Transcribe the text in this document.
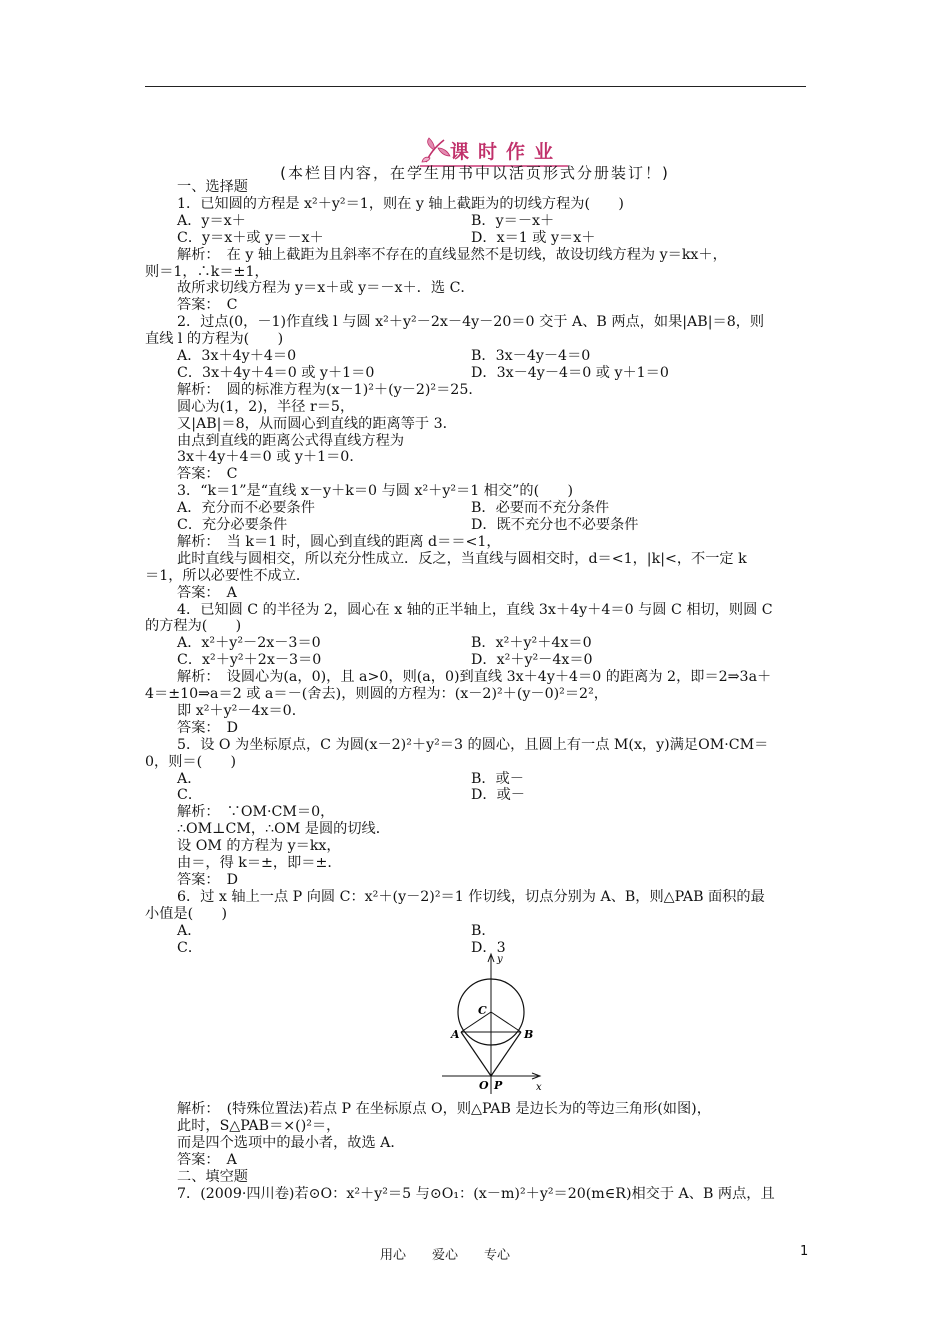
课时作业
(本栏目内容，在学生用书中以活页形式分册装订！)
一、选择题
1．已知圆的方程是 x²＋y²＝1，则在 y 轴上截距为的切线方程为(　　)
A．y＝x＋	B．y＝－x＋
C．y＝x＋或 y＝－x＋	D．x＝1 或 y＝x＋
解析：　在 y 轴上截距为且斜率不存在的直线显然不是切线，故设切线方程为 y＝kx＋，
则＝1，∴k＝±1，
故所求切线方程为 y＝x＋或 y＝－x＋．选 C．
答案：　C
2．过点(0，－1)作直线 l 与圆 x²＋y²－2x－4y－20＝0 交于 A、B 两点，如果|AB|＝8，则
直线 l 的方程为(　　)
A．3x＋4y＋4＝0	B．3x－4y－4＝0
C．3x＋4y＋4＝0 或 y＋1＝0	D．3x－4y－4＝0 或 y＋1＝0
解析：　圆的标准方程为(x－1)²＋(y－2)²＝25．
圆心为(1，2)，半径 r＝5，
又|AB|＝8，从而圆心到直线的距离等于 3．
由点到直线的距离公式得直线方程为
3x＋4y＋4＝0 或 y＋1＝0．
答案：　C
3．“k＝1”是“直线 x－y＋k＝0 与圆 x²＋y²＝1 相交”的(　　)
A．充分而不必要条件	B．必要而不充分条件
C．充分必要条件	D．既不充分也不必要条件
解析：　当 k＝1 时，圆心到直线的距离 d＝＝<1，
此时直线与圆相交，所以充分性成立．反之，当直线与圆相交时，d＝<1，|k|<，不一定 k
＝1，所以必要性不成立．
答案：　A
4．已知圆 C 的半径为 2，圆心在 x 轴的正半轴上，直线 3x＋4y＋4＝0 与圆 C 相切，则圆 C
的方程为(　　)
A．x²＋y²－2x－3＝0	B．x²＋y²＋4x＝0
C．x²＋y²＋2x－3＝0	D．x²＋y²－4x＝0
解析：　设圆心为(a，0)，且 a>0，则(a，0)到直线 3x＋4y＋4＝0 的距离为 2，即＝2⇒3a＋
4＝±10⇒a＝2 或 a＝－(舍去)，则圆的方程为：(x－2)²＋(y－0)²＝2²，
即 x²＋y²－4x＝0．
答案：　D
5．设 O 为坐标原点，C 为圆(x－2)²＋y²＝3 的圆心，且圆上有一点 M(x，y)满足OM·CM＝
0，则＝(　　)
A．	B．或－
C．	D．或－
解析：　∵OM·CM＝0，
∴OM⊥CM，∴OM 是圆的切线．
设 OM 的方程为 y＝kx，
由＝，得 k＝±，即＝±．
答案：　D
6．过 x 轴上一点 P 向圆 C：x²＋(y－2)²＝1 作切线，切点分别为 A、B，则△PAB 面积的最
小值是(　　)
A．	B．
C．	D．3
y
C
A	B
O P	x
解析：　(特殊位置法)若点 P 在坐标原点 O，则△PAB 是边长为的等边三角形(如图)，
此时，S△PAB＝×()²＝，
而是四个选项中的最小者，故选 A．
答案：　A
二、填空题
7．(2009·四川卷)若⊙O：x²＋y²＝5 与⊙O₁：(x－m)²＋y²＝20(m∈R)相交于 A、B 两点，且
用心　　爱心　　专心	1
